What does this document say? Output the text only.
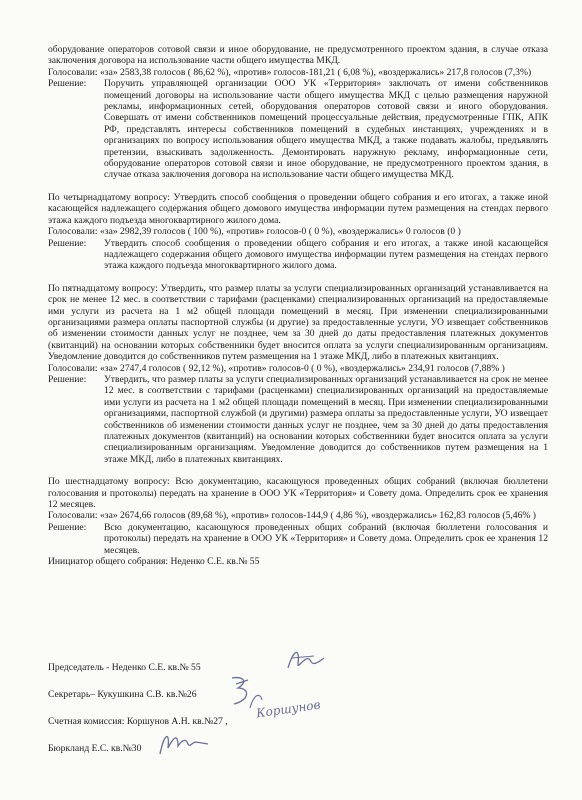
оборудование операторов сотовой связи и иное оборудование, не предусмотренного проектом здания, в случае отказа заключения договора на использование части общего имущества МКД.

Голосовали: «за» 2583,38 голосов ( 86,62 %), «против» голосов-181,21 ( 6,08 %), «воздержались» 217,8 голосов (7,3%)

Решение:	Поручить управляющей организации ООО УК «Территория» заключать от имени собственников помещений договоры на использование части общего имущества МКД с целью размещения наружной рекламы, информационных сетей, оборудования операторов сотовой связи и иного оборудования. Совершать от имени собственников помещений процессуальные действия, предусмотренные ГПК, АПК РФ, представлять интересы собственников помещений в судебных инстанциях, учреждениях и в организациях по вопросу использования общего имущества МКД, а также подавать жалобы, предъявлять претензии, взыскивать задолженность. Демонтировать наружную рекламу, информационные сети, оборудование операторов сотовой связи и иное оборудование, не предусмотренного проектом здания, в случае отказа заключения договора на использование части общего имущества МКД.

По четырнадцатому вопросу: Утвердить способ сообщения о проведении общего собрания и его итогах, а также иной касающейся надлежащего содержания общего домового имущества информации путем размещения на стендах первого этажа каждого подъезда многоквартирного жилого дома.

Голосовали: «за» 2982,39 голосов ( 100 %), «против» голосов-0 ( 0 %), «воздержались» 0 голосов (0 )

Решение:	Утвердить способ сообщения о проведении общего собрания и его итогах, а также иной касающейся надлежащего содержания общего домового имущества информации путем размещения на стендах первого этажа каждого подъезда многоквартирного жилого дома.

По пятнадцатому вопросу: Утвердить, что размер платы за услуги специализированных организаций устанавливается на срок не менее 12 мес. в соответствии с тарифами (расценками) специализированных организаций на предоставляемые ими услуги из расчета на 1 м2 общей площади помещений в месяц. При изменении специализированными организациями размера оплаты паспортной службы (и другие) за предоставленные услуги, УО извещает собственников об изменении стоимости данных услуг не позднее, чем за 30 дней до даты предоставления платежных документов (квитанций) на основании которых собственники будет вносится оплата за услуги специализированным организациям. Уведомление доводится до собственников путем размещения на 1 этаже МКД, либо в платежных квитанциях.

Голосовали: «за» 2747,4 голосов ( 92,12 %), «против» голосов-0 ( 0 %), «воздержались» 234,91 голосов (7,88% )

Решение:	Утвердить, что размер платы за услуги специализированных организаций устанавливается на срок не менее 12 мес. в соответствии с тарифами (расценками) специализированных организаций на предоставляемые ими услуги из расчета на 1 м2 общей площади помещений в месяц. При изменении специализированными организациями, паспортной службой (и другими) размера оплаты за предоставленные услуги, УО извещает собственников об изменении стоимости данных услуг не позднее, чем за 30 дней до даты предоставления платежных документов (квитанций) на основании которых собственники будет вносится оплата за услуги специализированным организациям. Уведомление доводится до собственников путем размещения на 1 этаже МКД, либо в платежных квитанциях.

По шестнадцатому вопросу: Всю документацию, касающуюся проведенных общих собраний (включая бюллетени голосования и протоколы) передать на хранение в ООО УК «Территория» и Совету дома. Определить срок ее хранения 12 месяцев.

Голосовали: «за» 2674,66 голосов (89,68 %), «против» голосов-144,9 ( 4,86 %), «воздержались» 162,83 голосов (5,46% )

Решение:	Всю документацию, касающуюся проведенных общих собраний (включая бюллетени голосования и протоколы) передать на хранение в ООО УК «Территория» и Совету дома. Определить срок ее хранения 12 месяцев.

Инициатор общего собрания: Неденко С.Е. кв.№ 55

Председатель - Неденко С.Е. кв.№ 55
Секретарь– Кукушкина С.В. кв.№26
Счетная комиссия: Коршунов А.Н. кв.№27 ,
Бюркланд Е.С. кв.№30
Коршунов
